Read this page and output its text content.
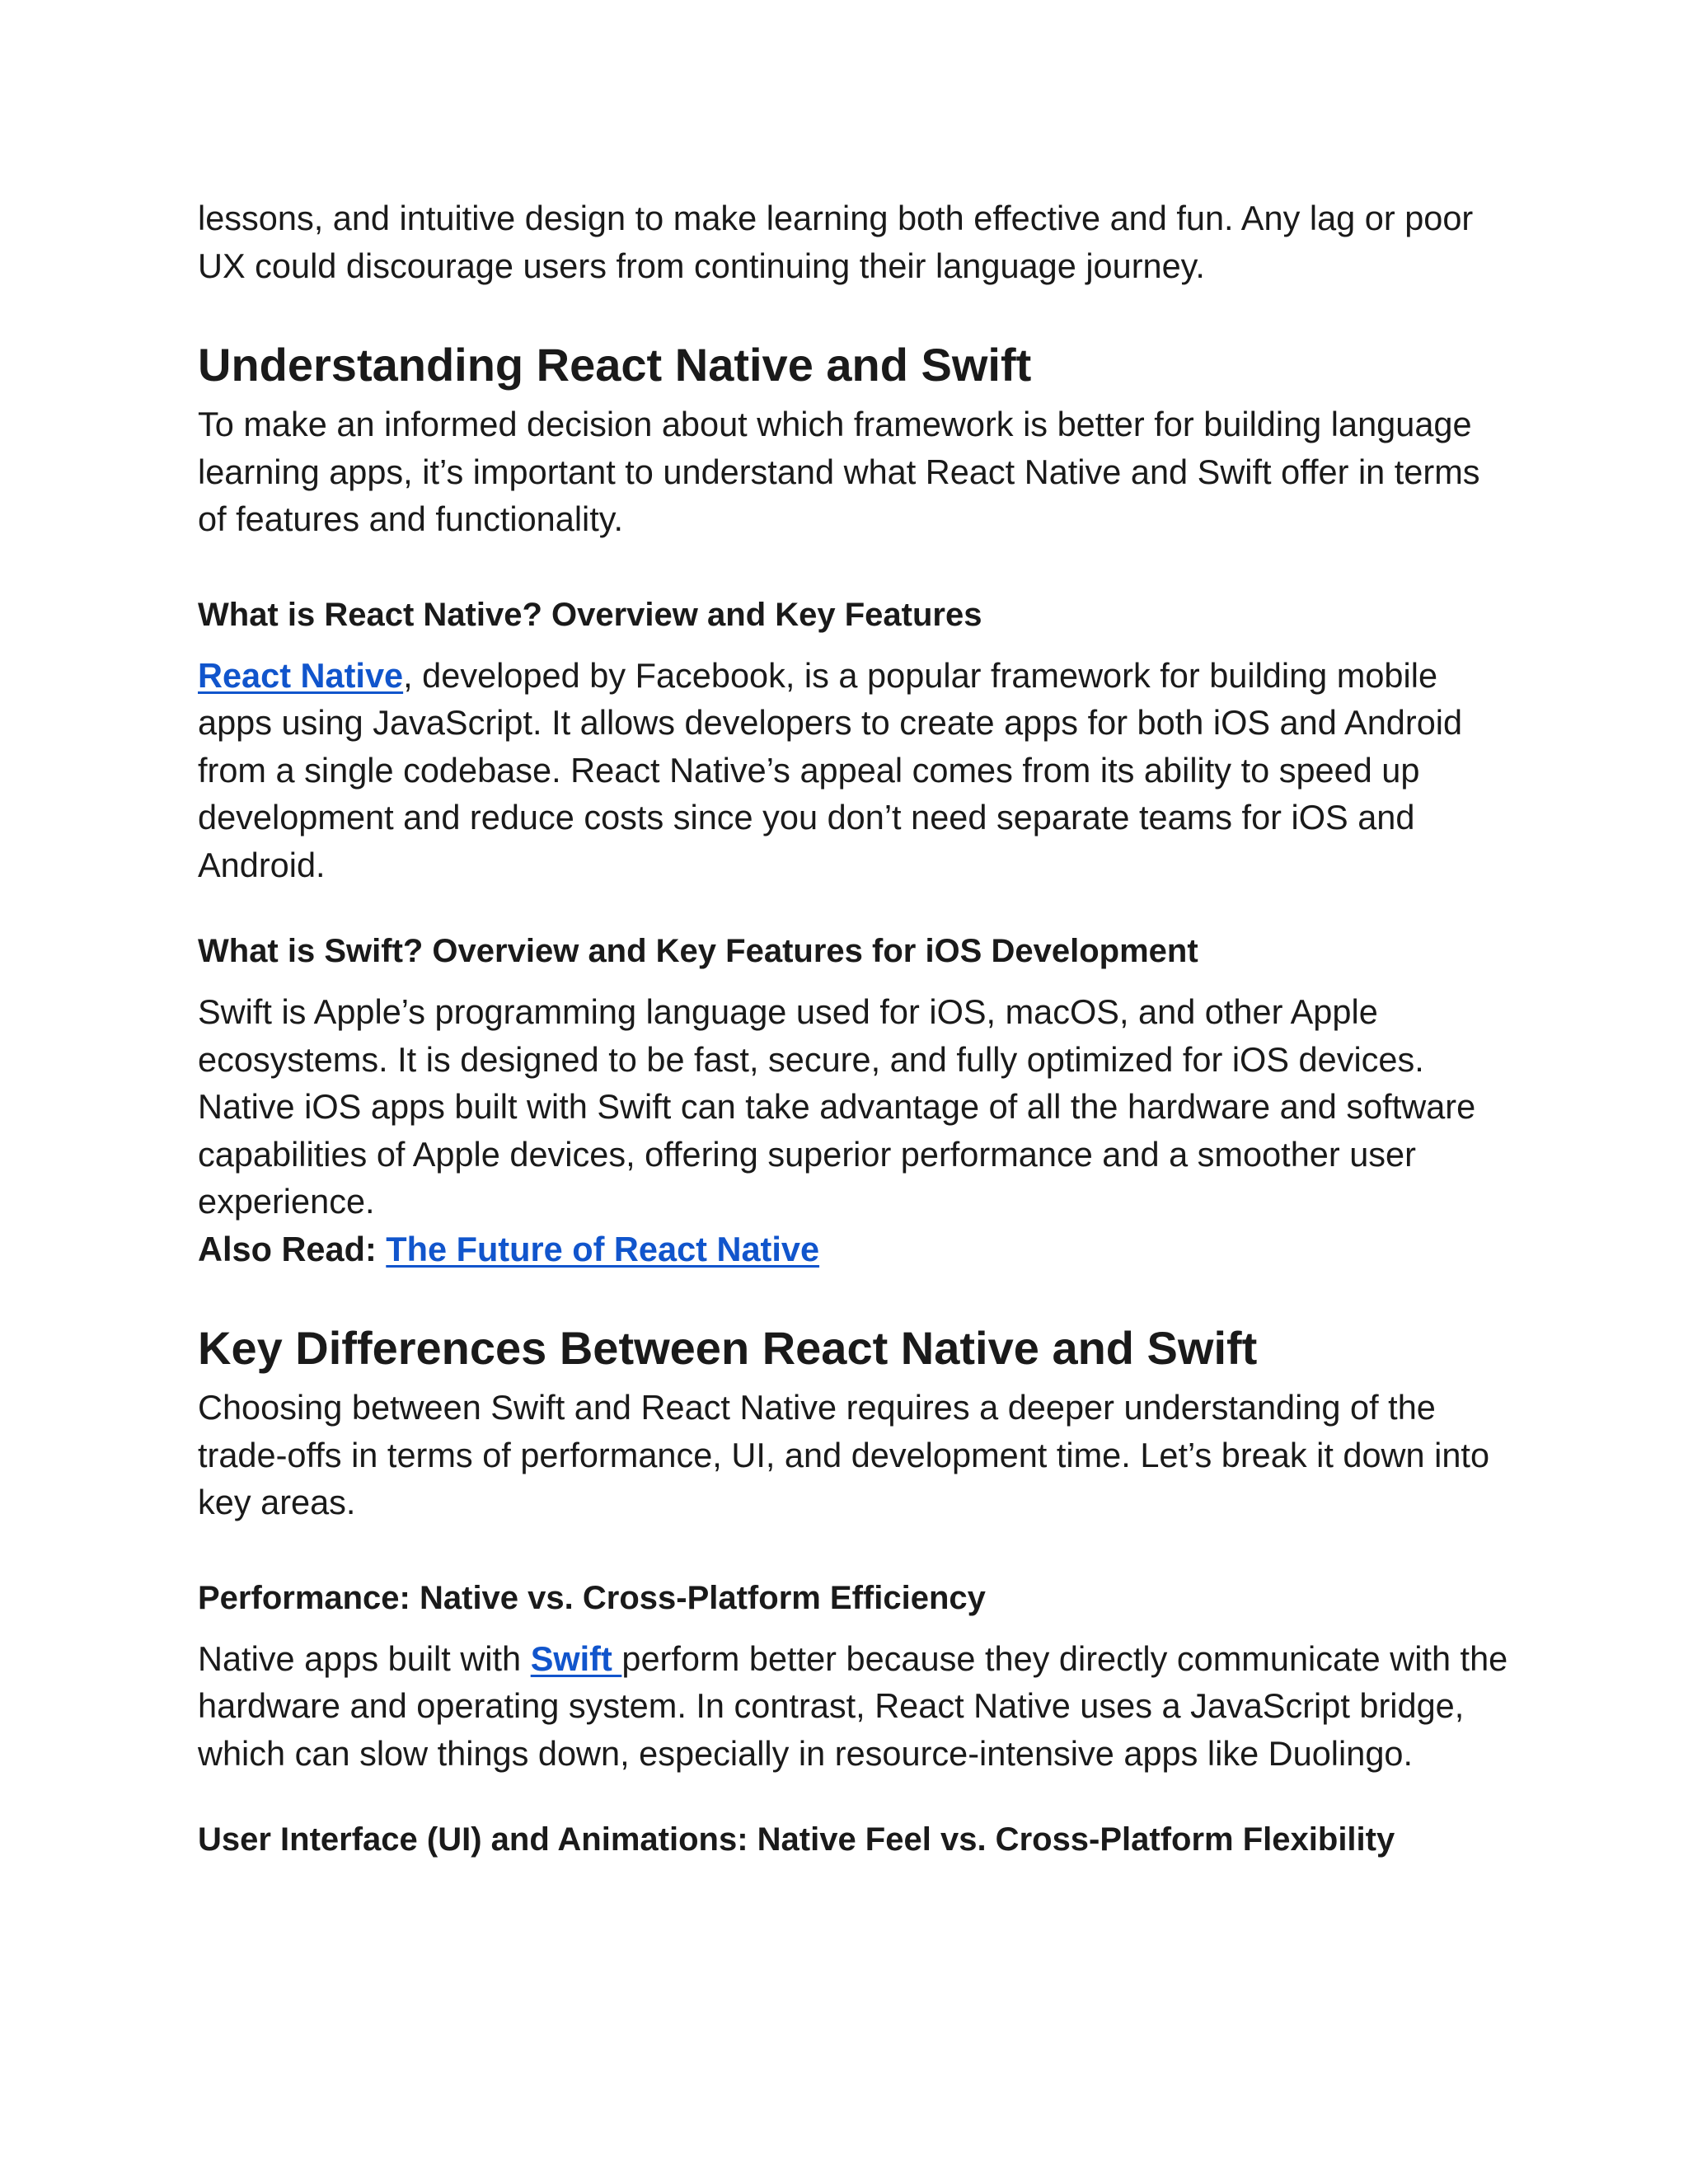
lessons, and intuitive design to make learning both effective and fun. Any lag or poor UX could discourage users from continuing their language journey.

Understanding React Native and Swift

To make an informed decision about which framework is better for building language learning apps, it’s important to understand what React Native and Swift offer in terms of features and functionality.

What is React Native? Overview and Key Features

React Native, developed by Facebook, is a popular framework for building mobile apps using JavaScript. It allows developers to create apps for both iOS and Android from a single codebase. React Native’s appeal comes from its ability to speed up development and reduce costs since you don’t need separate teams for iOS and Android.

What is Swift? Overview and Key Features for iOS Development

Swift is Apple’s programming language used for iOS, macOS, and other Apple ecosystems. It is designed to be fast, secure, and fully optimized for iOS devices. Native iOS apps built with Swift can take advantage of all the hardware and software capabilities of Apple devices, offering superior performance and a smoother user experience.

Also Read: The Future of React Native

Key Differences Between React Native and Swift

Choosing between Swift and React Native requires a deeper understanding of the trade-offs in terms of performance, UI, and development time. Let’s break it down into key areas.

Performance: Native vs. Cross-Platform Efficiency

Native apps built with Swift perform better because they directly communicate with the hardware and operating system. In contrast, React Native uses a JavaScript bridge, which can slow things down, especially in resource-intensive apps like Duolingo.

User Interface (UI) and Animations: Native Feel vs. Cross-Platform Flexibility
